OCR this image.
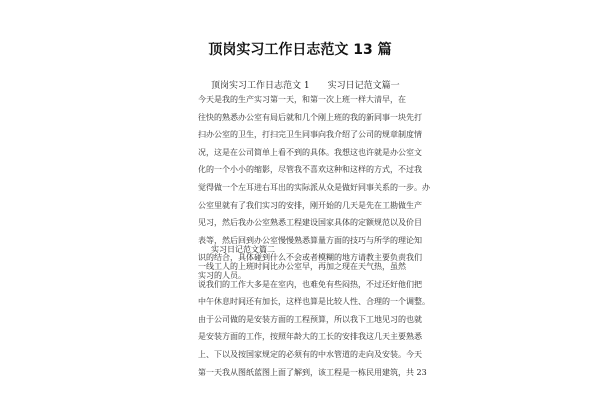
顶岗实习工作日志范文 13 篇
顶岗实习工作日志范文 1 实习日记范文篇一
今天是我的生产实习第一天，和第一次上班一样大清早，在
往快的熟悉办公室有局后就和几个刚上班的我的新同事一块先打
扫办公室的卫生，打扫完卫生同事向我介绍了公司的规章制度情
况，这是在公司简单上看不到的具体。我想这也许就是办公室文
化的一个小小的缩影，尽管我不喜欢这种和这样的方式，不过我
觉得做一个左耳进右耳出的实际派从众是做好同事关系的一步。办
公室里就有了我们实习的安排，刚开始的几天是先在工勘做生产
见习，然后我办公室熟悉工程建设国家具体的定额规范以及价目
表等，然后回到办公室慢慢熟悉算量方面的技巧与所学的理论知
识的结合，具体碰到什么不会或者模糊的地方请教主要负责我们
实习的人员。
实习日记范文篇二
一线工人的上班时间比办公室早，再加之现在天气热，虽然
说我们的工作大多是在室内，也难免有些闷热，不过还好他们把
中午休息时间还有加长，这样也算是比较人性、合理的一个调整。
由于公司做的是安装方面的工程预算，所以我下工地见习的也就
是安装方面的工作，按照年龄大的工长的安排我这几天主要熟悉
上、下以及按国家规定的必须有的中水管道的走向及安装。今天
第一天我从图纸蓝图上面了解到，该工程是一栋民用建筑，共 23
